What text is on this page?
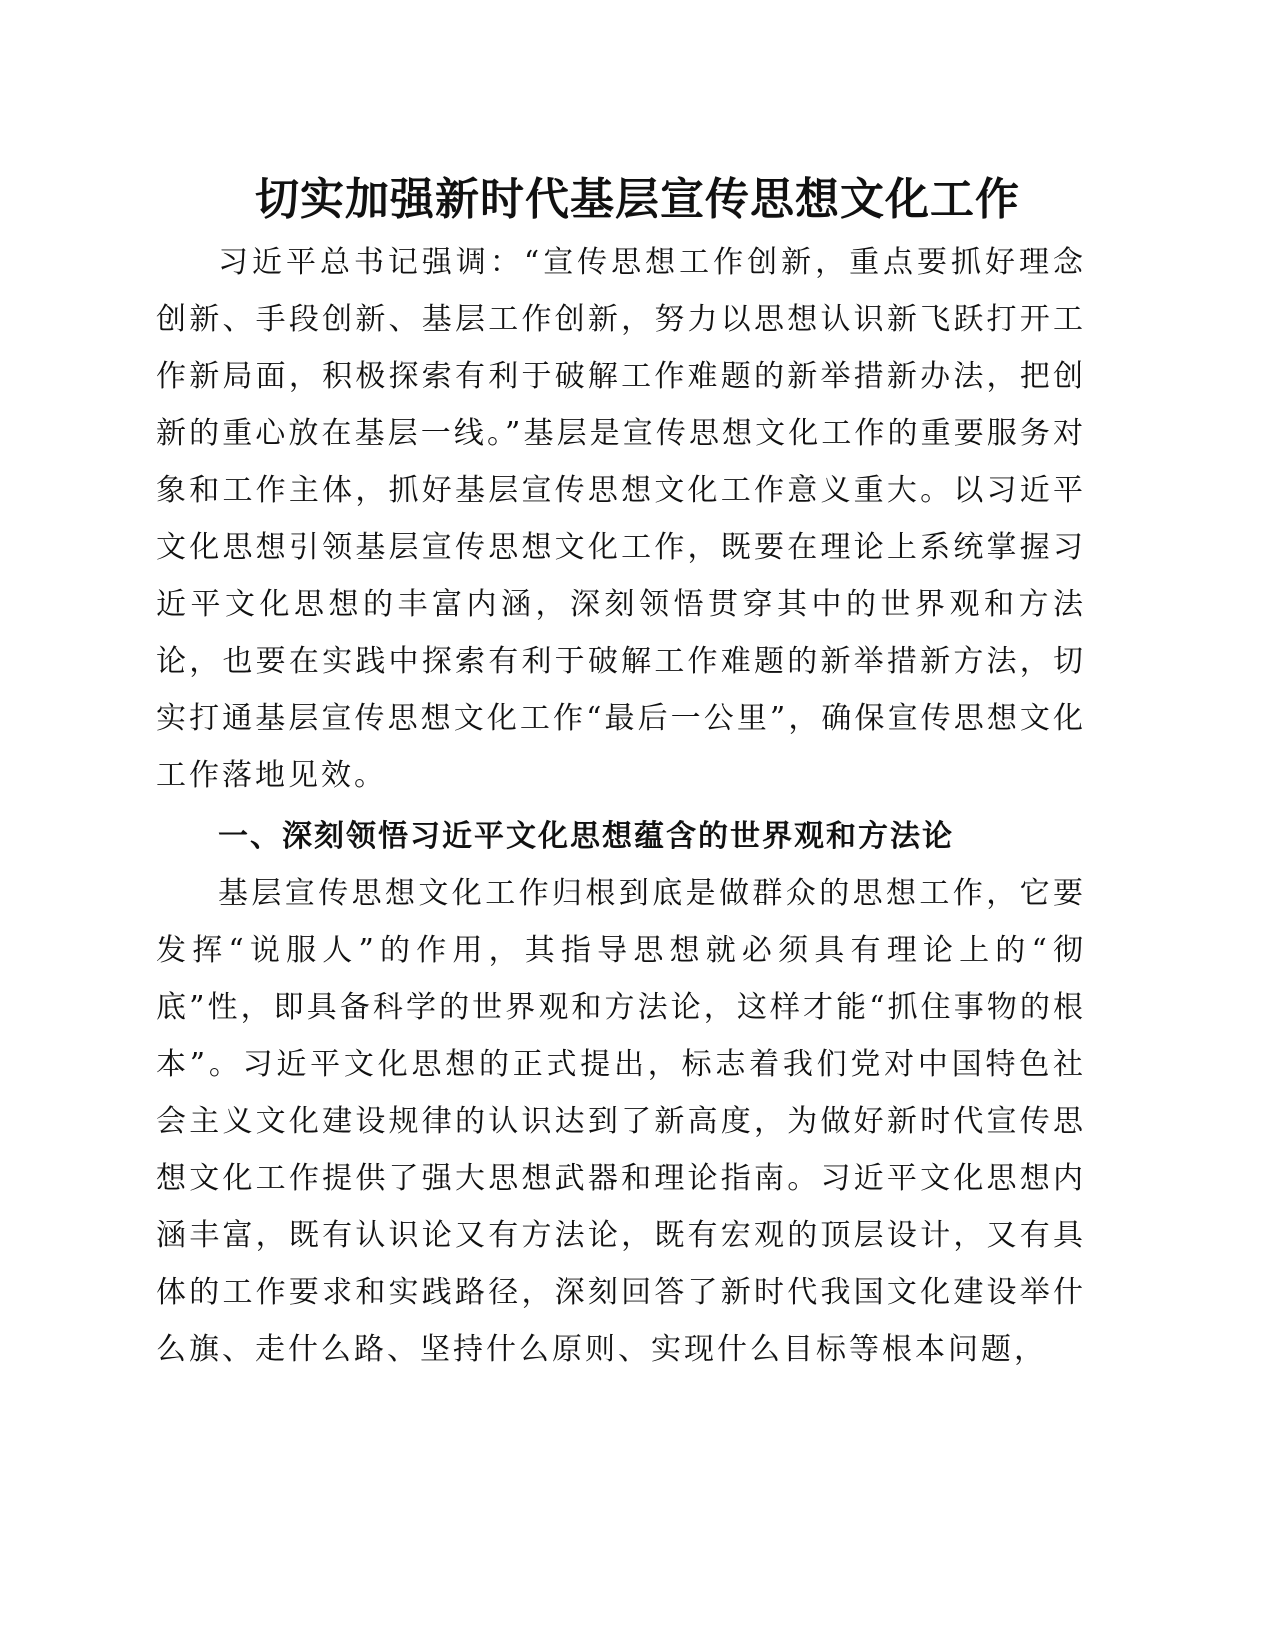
切实加强新时代基层宣传思想文化工作

习近平总书记强调：“宣传思想工作创新，重点要抓好理念创新、手段创新、基层工作创新，努力以思想认识新飞跃打开工作新局面，积极探索有利于破解工作难题的新举措新办法，把创新的重心放在基层一线。”基层是宣传思想文化工作的重要服务对象和工作主体，抓好基层宣传思想文化工作意义重大。以习近平文化思想引领基层宣传思想文化工作，既要在理论上系统掌握习近平文化思想的丰富内涵，深刻领悟贯穿其中的世界观和方法论，也要在实践中探索有利于破解工作难题的新举措新方法，切实打通基层宣传思想文化工作“最后一公里”，确保宣传思想文化工作落地见效。

一、深刻领悟习近平文化思想蕴含的世界观和方法论

基层宣传思想文化工作归根到底是做群众的思想工作，它要发挥“说服人”的作用，其指导思想就必须具有理论上的“彻底”性，即具备科学的世界观和方法论，这样才能“抓住事物的根本”。习近平文化思想的正式提出，标志着我们党对中国特色社会主义文化建设规律的认识达到了新高度，为做好新时代宣传思想文化工作提供了强大思想武器和理论指南。习近平文化思想内涵丰富，既有认识论又有方法论，既有宏观的顶层设计，又有具体的工作要求和实践路径，深刻回答了新时代我国文化建设举什么旗、走什么路、坚持什么原则、实现什么目标等根本问题，
